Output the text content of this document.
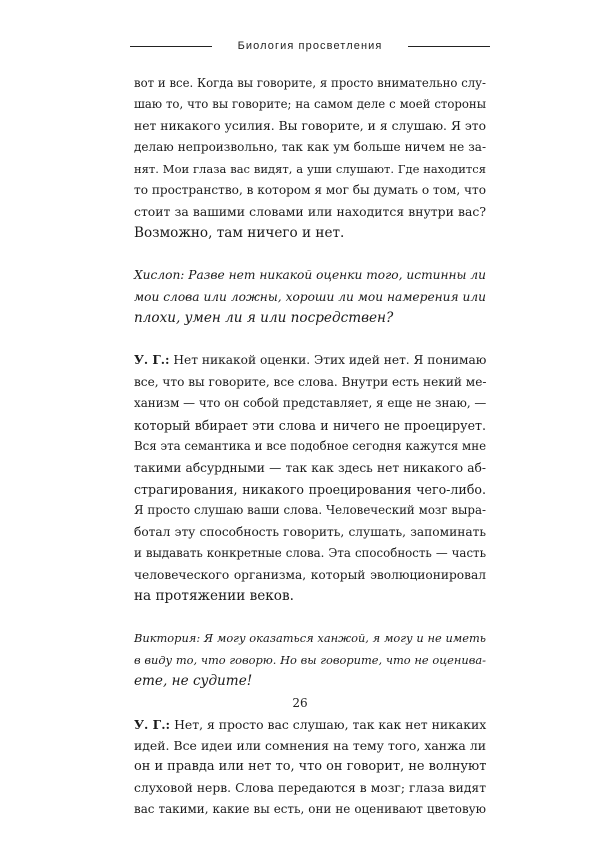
Биология просветления

вот и все. Когда вы говорите, я просто внимательно слу-
шаю то, что вы говорите; на самом деле с моей стороны
нет никакого усилия. Вы говорите, и я слушаю. Я это
делаю непроизвольно, так как ум больше ничем не за-
нят. Мои глаза вас видят, а уши слушают. Где находится
то пространство, в котором я мог бы думать о том, что
стоит за вашими словами или находится внутри вас?
Возможно, там ничего и нет.

Хислоп: Разве нет никакой оценки того, истинны ли
мои слова или ложны, хороши ли мои намерения или
плохи, умен ли я или посредствен?

У. Г.: Нет никакой оценки. Этих идей нет. Я понимаю
все, что вы говорите, все слова. Внутри есть некий ме-
ханизм — что он собой представляет, я еще не знаю, —
который вбирает эти слова и ничего не проецирует.
Вся эта семантика и все подобное сегодня кажутся мне
такими абсурдными — так как здесь нет никакого аб-
страгирования, никакого проецирования чего-либо.
Я просто слушаю ваши слова. Человеческий мозг выра-
ботал эту способность говорить, слушать, запоминать
и выдавать конкретные слова. Эта способность — часть
человеческого организма, который эволюционировал
на протяжении веков.

Виктория: Я могу оказаться ханжой, я могу и не иметь
в виду то, что говорю. Но вы говорите, что не оценива-
ете, не судите!

У. Г.: Нет, я просто вас слушаю, так как нет никаких
идей. Все идеи или сомнения на тему того, ханжа ли
он и правда или нет то, что он говорит, не волнуют
слуховой нерв. Слова передаются в мозг; глаза видят
вас такими, какие вы есть, они не оценивают цветовую

26
